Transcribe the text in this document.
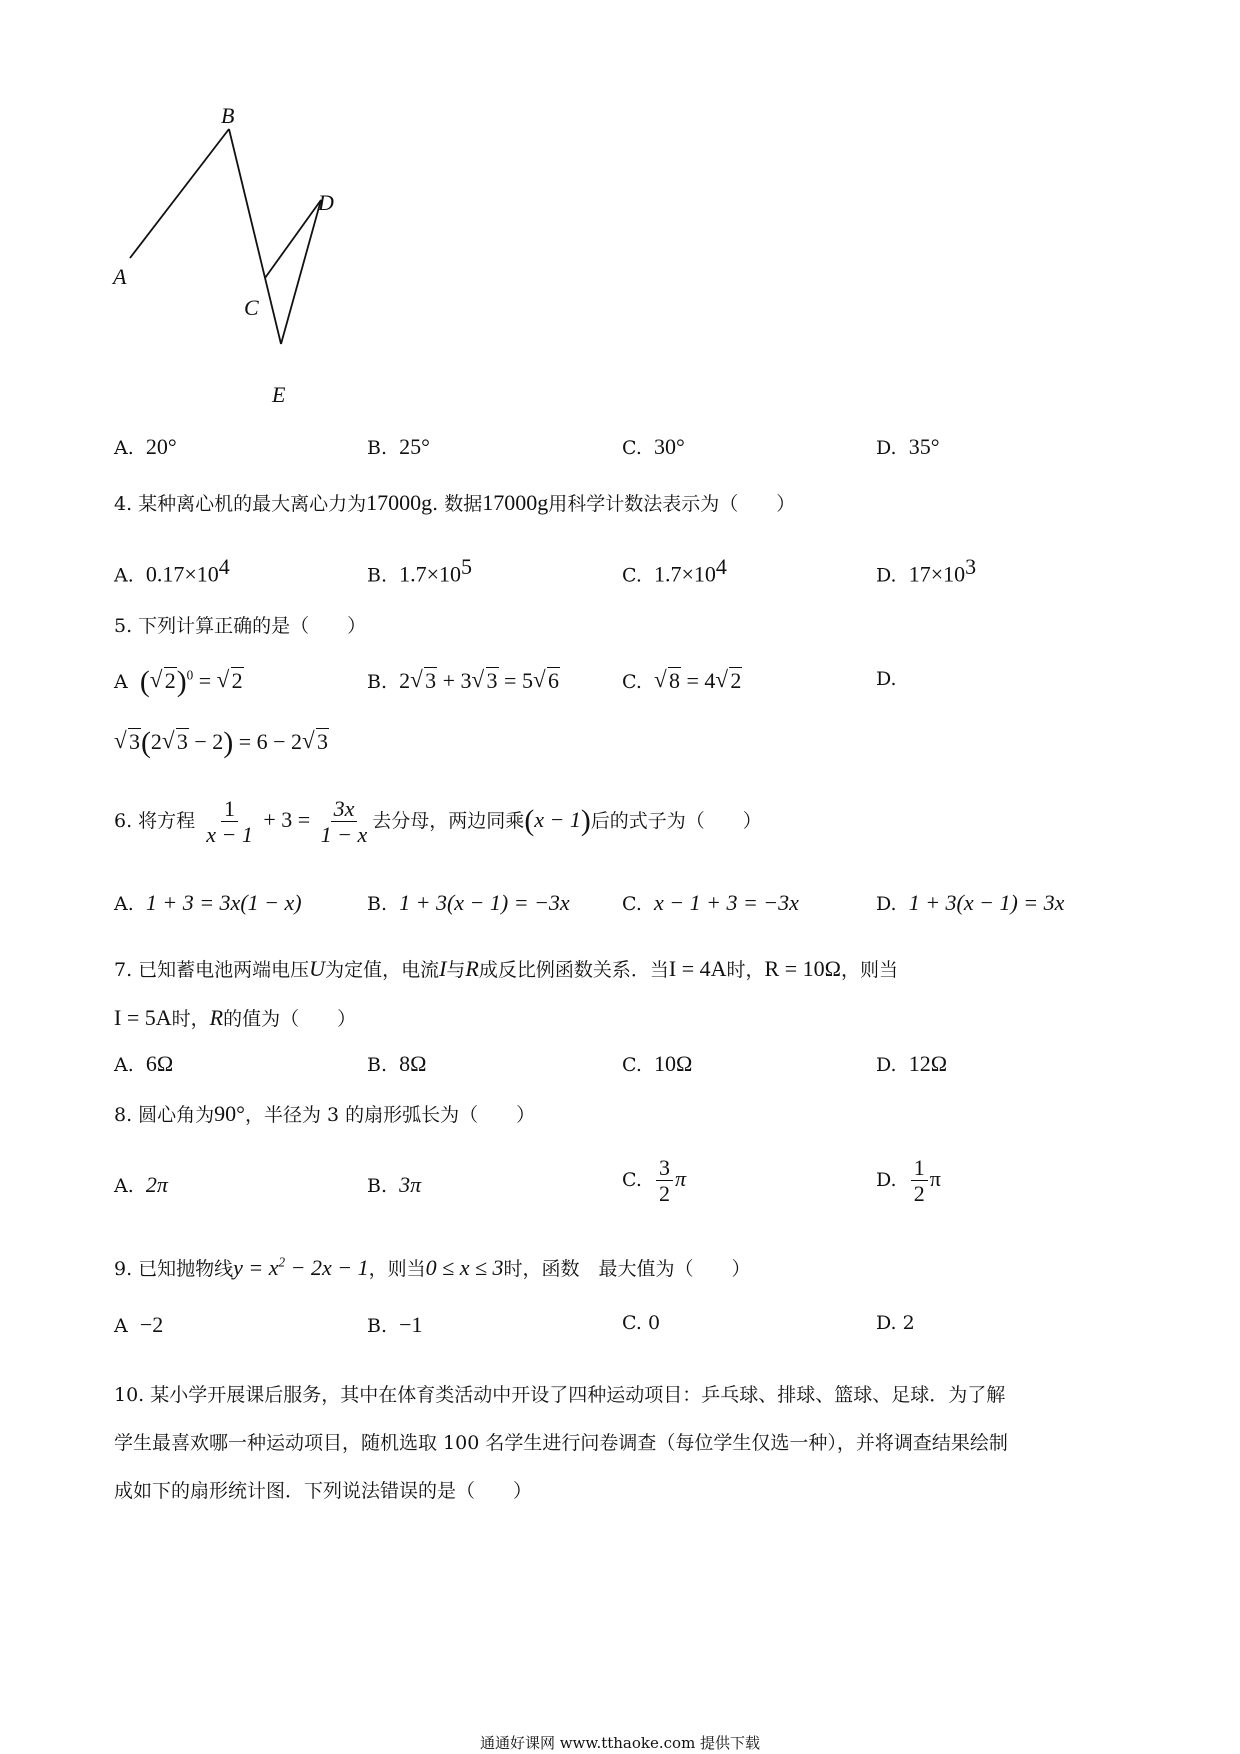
A
B
C
D
E
A. 20°	B. 25°	C. 30°	D. 35°
4. 某种离心机的最大离心力为17000g. 数据17000g用科学计数法表示为（　　）
A. $0.17\times 10^4$	B. $1.7\times 10^5$	C. $1.7\times 10^4$	D. $17\times 10^3$
5. 下列计算正确的是（　　）
A ( √ 2)$^0$ = √ 2	B. 2 √ 3 + 3 √ 3 = 5 √ 6	C. √ 8 = 4 √ 2	D.
√ 3(2 √ 3 − 2) = 6 − 2 √ 3
6. 将方程 $\frac{1}{x - 1} + 3 = \frac{3x}{1 - x}$ 去分母，两边同乘(x − 1)后的式子为（　　）
A. 1 + 3 = 3x(1 − x)	B. 1 + 3(x − 1) = −3x	C. x − 1 + 3 = −3x	D. 1 + 3(x − 1) = 3x
7. 已知蓄电池两端电压U为定值，电流I与R成反比例函数关系．当I = 4A时，R = 10Ω，则当
I = 5A时，R的值为（　　）
A. 6Ω	B. 8Ω	C. 10Ω	D. 12Ω
8. 圆心角为90°，半径为 3 的扇形弧长为（　　）
A. 2π	B. 3π	C. $\frac{3}{2}$ π	D. $\frac{1}{2}$ π
9. 已知抛物线$y = x^2 - 2x - 1$，则当0 ≤ x ≤ 3时，函数　最大值为（　　）
A −2	B. −1	C. 0	D. 2
10. 某小学开展课后服务，其中在体育类活动中开设了四种运动项目：乒乓球、排球、篮球、足球．为了解
学生最喜欢哪一种运动项目，随机选取 100 名学生进行问卷调查（每位学生仅选一种），并将调查结果绘制
成如下的扇形统计图．下列说法错误的是（　　）
通通好课网 www.tthaoke.com 提供下载
